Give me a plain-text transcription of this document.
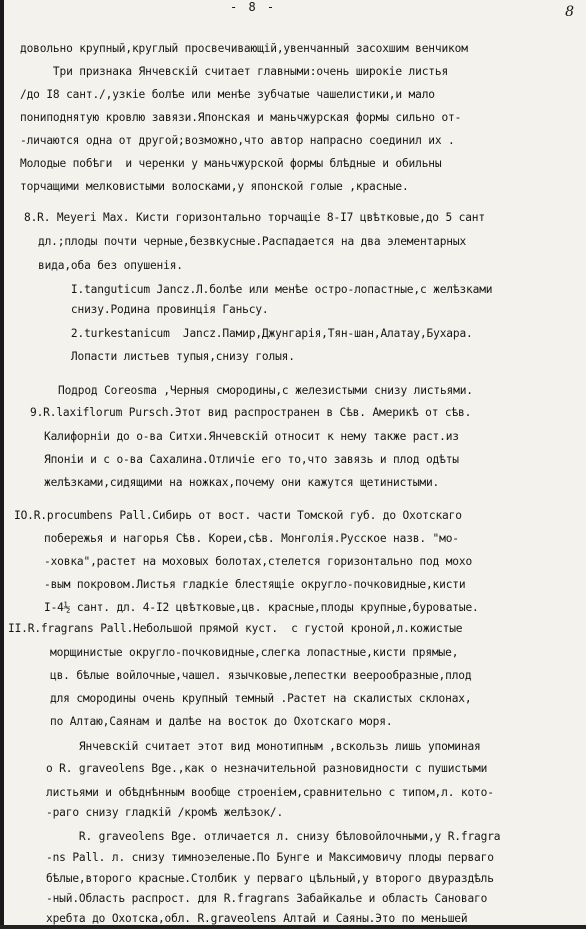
- 8 -	8
довольно крупный,круглый просвечивающій,увенчанный засохшим венчиком
Три признака Янчевскій считает главными:очень широкіе листья
/до I8 сант./,узкіе болѣе или менѣе зубчатые чашелистики,и мало
пониподнятую кровлю завязи.Японская и маньчжурская формы сильно от-
-личаются одна от другой;возможно,что автор напрасно соединил их .
Молодые побѣги  и черенки у маньчжурской формы блѣдные и обильны
торчащими мелковистыми волосками,у японской голые ,красные.
8.R. Meyeri Max. Кисти горизонтально торчащіе 8-I7 цвѣтковые,до 5 сант
дл.;плоды почти черные,безвкусные.Распадается на два элементарных
вида,оба без опушенія.
I.tanguticum Jancz.Л.болѣе или менѣе остро-лопастные,с желѣзками
снизу.Родина провинція Ганьсу.
2.turkestanicum  Jancz.Памир,Джунгарія,Тян-шан,Алатау,Бухара.
Лопасти листьев тупыя,снизу голыя.
Подрод Coreosma ,Черныя смородины,с железистыми снизу листьями.
9.R.laxiflorum Pursch.Этот вид распространен в Сѣв. Америкѣ от сѣв.
Калифорніи до о-ва Ситхи.Янчевскій относит к нему также раст.из
Японіи и с о-ва Сахалина.Отличіе его то,что завязь и плод одѣты
желѣзками,сидящими на ножках,почему они кажутся щетинистыми.
IO.R.procumbens Pall.Сибирь от вост. части Томской губ. до Охотскаго
побережья и нагорья Сѣв. Кореи,сѣв. Монголія.Русское назв. "мо-
-ховка",растет на моховых болотах,стелется горизонтально под мохо
-вым покровом.Листья гладкіе блестящіе округло-почковидные,кисти
I-4½ сант. дл. 4-I2 цвѣтковые,цв. красные,плоды крупные,буроватые.
II.R.fragrans Pall.Небольшой прямой куст.  с густой кроной,л.кожистые
морщинистые округло-почковидные,слегка лопастные,кисти прямые,
цв. бѣлые войлочные,чашел. язычковые,лепестки веерообразные,плод
для смородины очень крупный темный .Растет на скалистых склонах,
по Алтаю,Саянам и далѣе на восток до Охотскаго моря.
Янчевскій считает этот вид монотипным ,вскользь лишь упоминая
о R. graveolens Bge.,как о незначительной разновидности с пушистыми
листьями и обѣднѣнным вообще строеніем,сравнительно с типом,л. кото-
-раго снизу гладкій /кромѣ желѣзок/.
R. graveolens Bge. отличается л. снизу бѣловойлочными,у R.fragra
-ns Pall. л. снизу тимноэеленые.По Бунге и Максимовичу плоды перваго
бѣлые,второго красные.Столбик у перваго цѣльный,у второго двураздѣль
-ный.Область распрост. для R.fragrans Забайкалье и область Сановаго
хребта до Охотска,обл. R.graveolens Алтай и Саяны.Это по меньшей
